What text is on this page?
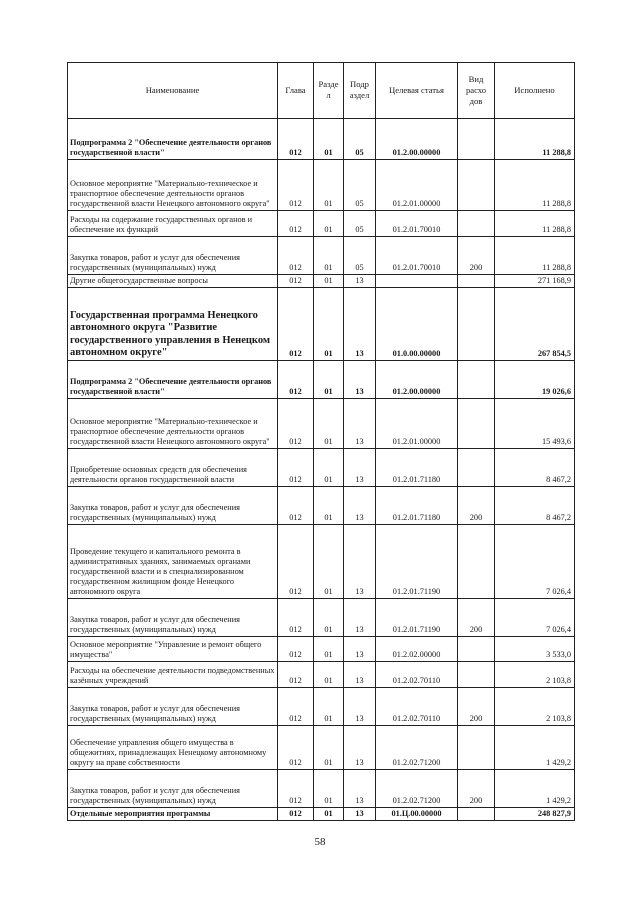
Наименование	Глава	Разде л	Подр аздел	Целевая статья	Вид расхо дов	Исполнено
Подпрограмма 2 "Обеспечение деятельности органов государственной власти"	012	01	05	01.2.00.00000		11 288,8
Основное мероприятие "Материально-техническое и транспортное обеспечение деятельности органов государственной власти Ненецкого автономного округа"	012	01	05	01.2.01.00000		11 288,8
Расходы на содержание государственных органов и обеспечение их функций	012	01	05	01.2.01.70010		11 288,8
Закупка товаров, работ и услуг для обеспечения государственных (муниципальных) нужд	012	01	05	01.2.01.70010	200	11 288,8
Другие общегосударственные вопросы	012	01	13			271 168,9
Государственная программа Ненецкого автономного округа "Развитие государственного управления в Ненецком автономном округе"	012	01	13	01.0.00.00000		267 854,5
Подпрограмма 2 "Обеспечение деятельности органов государственной власти"	012	01	13	01.2.00.00000		19 026,6
Основное мероприятие "Материально-техническое и транспортное обеспечение деятельности органов государственной власти Ненецкого автономного округа"	012	01	13	01.2.01.00000		15 493,6
Приобретение основных средств для обеспечения деятельности органов государственной власти	012	01	13	01.2.01.71180		8 467,2
Закупка товаров, работ и услуг для обеспечения государственных (муниципальных) нужд	012	01	13	01.2.01.71180	200	8 467,2
Проведение текущего и капитального ремонта в административных зданиях, занимаемых органами государственной власти и в специализированном государственном жилищном фонде Ненецкого автономного округа	012	01	13	01.2.01.71190		7 026,4
Закупка товаров, работ и услуг для обеспечения государственных (муниципальных) нужд	012	01	13	01.2.01.71190	200	7 026,4
Основное мероприятие "Управление и ремонт общего имущества"	012	01	13	01.2.02.00000		3 533,0
Расходы на обеспечение деятельности подведомственных казённых учреждений	012	01	13	01.2.02.70110		2 103,8
Закупка товаров, работ и услуг для обеспечения государственных (муниципальных) нужд	012	01	13	01.2.02.70110	200	2 103,8
Обеспечение управления общего имущества в общежитиях, принадлежащих Ненецкому автономному округу на праве собственности	012	01	13	01.2.02.71200		1 429,2
Закупка товаров, работ и услуг для обеспечения государственных (муниципальных) нужд	012	01	13	01.2.02.71200	200	1 429,2
Отдельные мероприятия программы	012	01	13	01.Ц.00.00000		248 827,9
58
